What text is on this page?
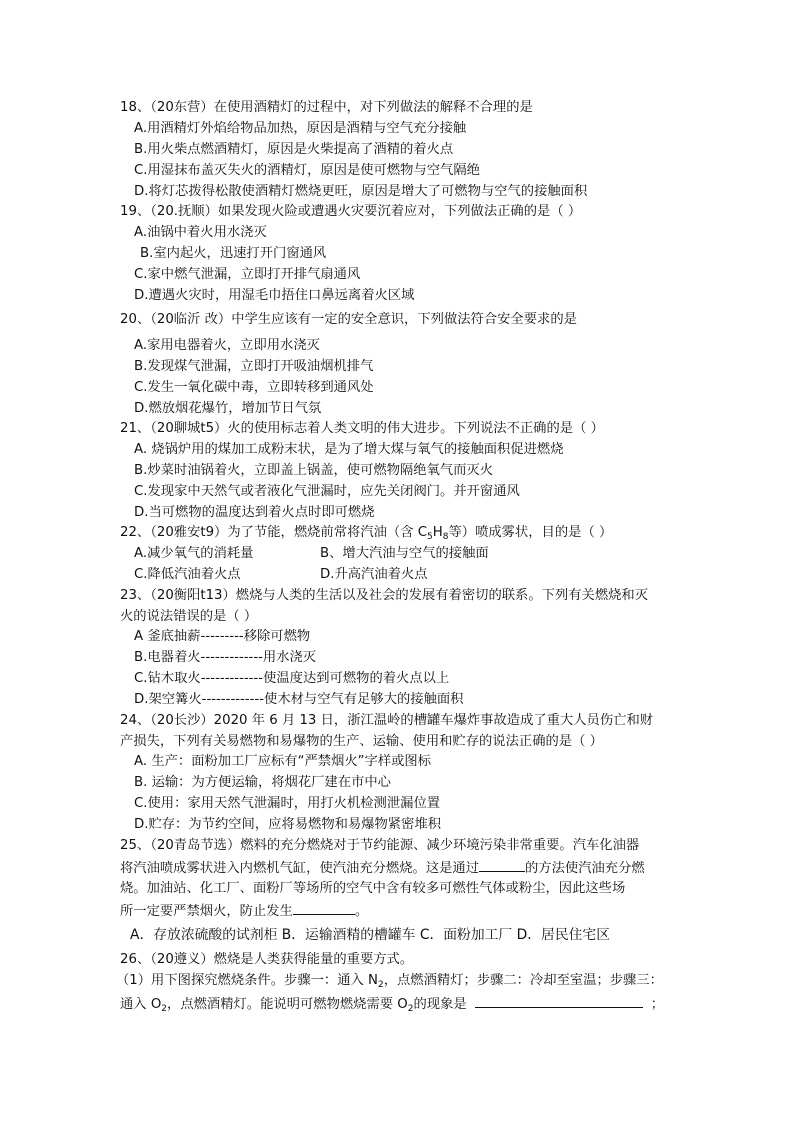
18、（20东营）在使用酒精灯的过程中，对下列做法的解释不合理的是
A.用酒精灯外焰给物品加热，原因是酒精与空气充分接触
B.用火柴点燃酒精灯，原因是火柴提高了酒精的着火点
C.用湿抹布盖灭失火的酒精灯，原因是使可燃物与空气隔绝
D.将灯芯拨得松散使酒精灯燃烧更旺，原因是增大了可燃物与空气的接触面积
19、（20.抚顺）如果发现火险或遭遇火灾要沉着应对，下列做法正确的是（ ）
A.油锅中着火用水浇灭
B.室内起火，迅速打开门窗通风
C.家中燃气泄漏，立即打开排气扇通风
D.遭遇火灾时，用湿毛巾捂住口鼻远离着火区域
20、（20临沂 改）中学生应该有一定的安全意识，下列做法符合安全要求的是
A.家用电器着火，立即用水浇灭
B.发现煤气泄漏，立即打开吸油烟机排气
C.发生一氧化碳中毒，立即转移到通风处
D.燃放烟花爆竹，增加节日气氛
21、（20聊城t5）火的使用标志着人类文明的伟大进步。下列说法不正确的是（ ）
A. 烧锅炉用的煤加工成粉末状，是为了增大煤与氧气的接触面积促进燃烧
B.炒菜时油锅着火，立即盖上锅盖，使可燃物隔绝氧气而灭火
C.发现家中天然气或者液化气泄漏时，应先关闭阀门。并开窗通风
D.当可燃物的温度达到着火点时即可燃烧
22、（20雅安t9）为了节能，燃烧前常将汽油（含 $C_5H_8$等）喷成雾状，目的是（ ）
A.减少氧气的消耗量	B、增大汽油与空气的接触面
C.降低汽油着火点	D.升高汽油着火点
23、（20衡阳t13）燃烧与人类的生活以及社会的发展有着密切的联系。下列有关燃烧和灭
火的说法错误的是（ ）
A 釜底抽薪---------移除可燃物
B.电器着火-------------用水浇灭
C.钻木取火-------------使温度达到可燃物的着火点以上
D.架空篝火-------------使木材与空气有足够大的接触面积
24、（20长沙）2020 年 6 月 13 日，浙江温岭的槽罐车爆炸事故造成了重大人员伤亡和财
产损失，下列有关易燃物和易爆物的生产、运输、使用和贮存的说法正确的是（ ）
A. 生产：面粉加工厂应标有“严禁烟火”字样或图标
B. 运输：为方便运输，将烟花厂建在市中心
C.使用：家用天然气泄漏时，用打火机检测泄漏位置
D.贮存：为节约空间，应将易燃物和易爆物紧密堆积
25、（20青岛节选）燃料的充分燃烧对于节约能源、减少环境污染非常重要。汽车化油器
将汽油喷成雾状进入内燃机气缸，使汽油充分燃烧。这是通过	的方法使汽油充分燃
烧。加油站、化工厂、面粉厂等场所的空气中含有较多可燃性气体或粉尘，因此这些场
所一定要严禁烟火，防止发生	。
A．存放浓硫酸的试剂柜 B．运输酒精的槽罐车 C．面粉加工厂 D．居民住宅区
26、（20遵义）燃烧是人类获得能量的重要方式。
（1）用下图探究燃烧条件。步骤一：通入 $N_2$，点燃酒精灯；步骤二：冷却至室温；步骤三：
通入 $O_2$，点燃酒精灯。能说明可燃物燃烧需要 $O_2$的现象是	；
